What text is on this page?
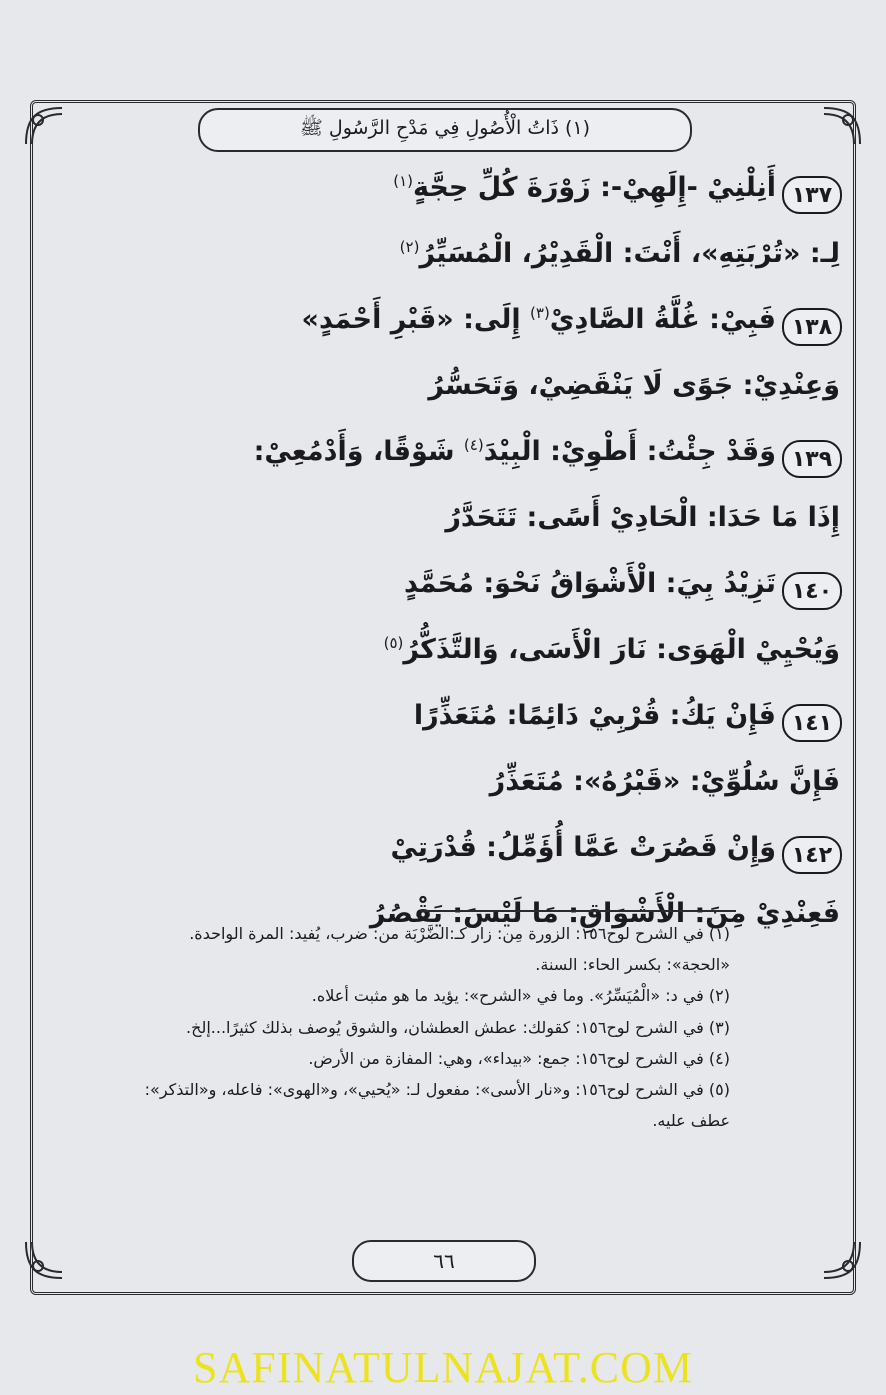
(١) ذَاتُ الْأُصُولِ فِي مَدْحِ الرَّسُولِ ﷺ
١٣٧
أَنِلْنِيْ -إِلَهِيْ-: زَوْرَةَ كُلِّ حِجَّةٍ$^{(١)}$
لِـ: «تُرْبَتِهِ»، أَنْتَ: الْقَدِيْرُ، الْمُسَيِّرُ$^{(٢)}$
١٣٨
فَبِيْ: غُلَّةُ الصَّادِيْ$^{(٣)}$ إِلَى: «قَبْرِ أَحْمَدٍ»
وَعِنْدِيْ: جَوًى لَا يَنْقَضِيْ، وَتَحَسُّرُ
١٣٩
وَقَدْ جِئْتُ: أَطْوِيْ: الْبِيْدَ$^{(٤)}$ شَوْقًا، وَأَدْمُعِيْ:
إِذَا مَا حَدَا: الْحَادِيْ أَسًى: تَتَحَدَّرُ
١٤٠
تَزِيْدُ بِيَ: الْأَشْوَاقُ نَحْوَ: مُحَمَّدٍ
وَيُحْيِيْ الْهَوَى: نَارَ الْأَسَى، وَالتَّذَكُّرُ$^{(٥)}$
١٤١
فَإِنْ يَكُ: قُرْبِيْ دَائِمًا: مُتَعَذِّرًا
فَإِنَّ سُلُوِّيْ: «قَبْرُهُ»: مُتَعَذِّرُ
١٤٢
وَإِنْ قَصُرَتْ عَمَّا أُؤَمِّلُ: قُدْرَتِيْ
فَعِنْدِيْ مِنَ: الْأَشْوَاقِ: مَا لَيْسَ: يَقْصُرُ
(١) في الشرح لوح١٥٦: الزورة مِن: زار كـ:الضَّرْبَة من: ضرب، يُفيد: المرة الواحدة.
«الحجة»: بكسر الحاء: السنة.
(٢) في د: «الْمُيَسِّرُ». وما في «الشرح»: يؤيد ما هو مثبت أعلاه.
(٣) في الشرح لوح١٥٦: كقولك: عطش العطشان، والشوق يُوصف بذلك كثيرًا...إلخ.
(٤) في الشرح لوح١٥٦: جمع: «بيداء»، وهي: المفازة من الأرض.
(٥) في الشرح لوح١٥٦: و«نار الأسى»: مفعول لـ: «يُحيي»، و«الهوى»: فاعله، و«التذكر»:
عطف عليه.
٦٦
SAFINATULNAJAT.COM
